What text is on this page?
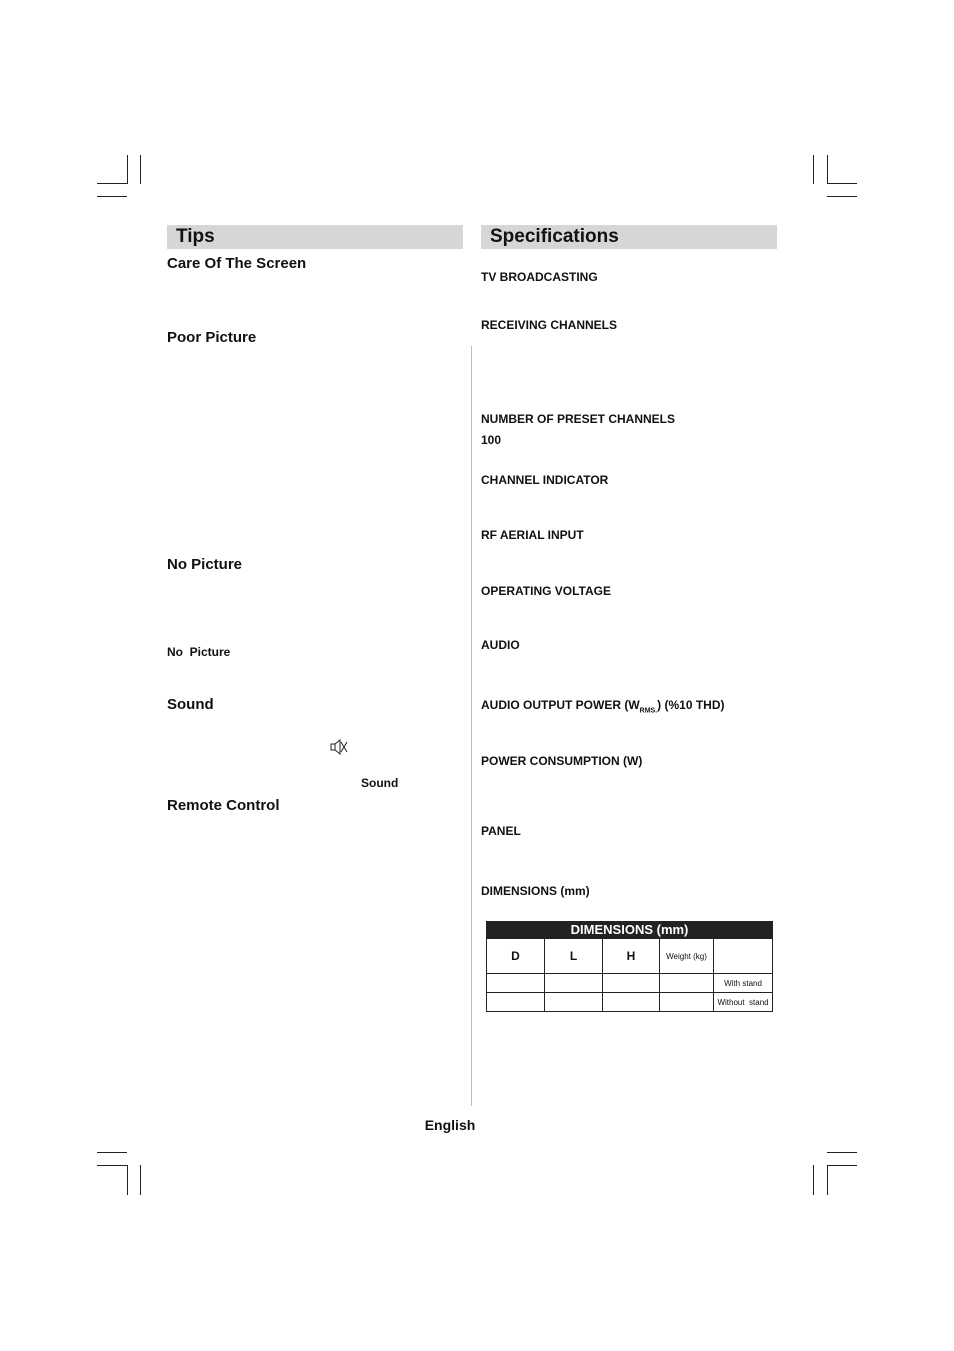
Tips
Care Of The Screen
Poor Picture
No Picture
No  Picture
Sound
Sound
Remote Control
Specifications
TV BROADCASTING
RECEIVING CHANNELS
NUMBER OF PRESET CHANNELS
100
CHANNEL INDICATOR
RF AERIAL INPUT
OPERATING VOLTAGE
AUDIO
AUDIO OUTPUT POWER $(W_{RMS.})$ (%10 THD)
POWER CONSUMPTION (W)
PANEL
DIMENSIONS (mm)
DIMENSIONS (mm)				
D	L	H	Weight (kg)	
				With stand
				Without  stand
English
